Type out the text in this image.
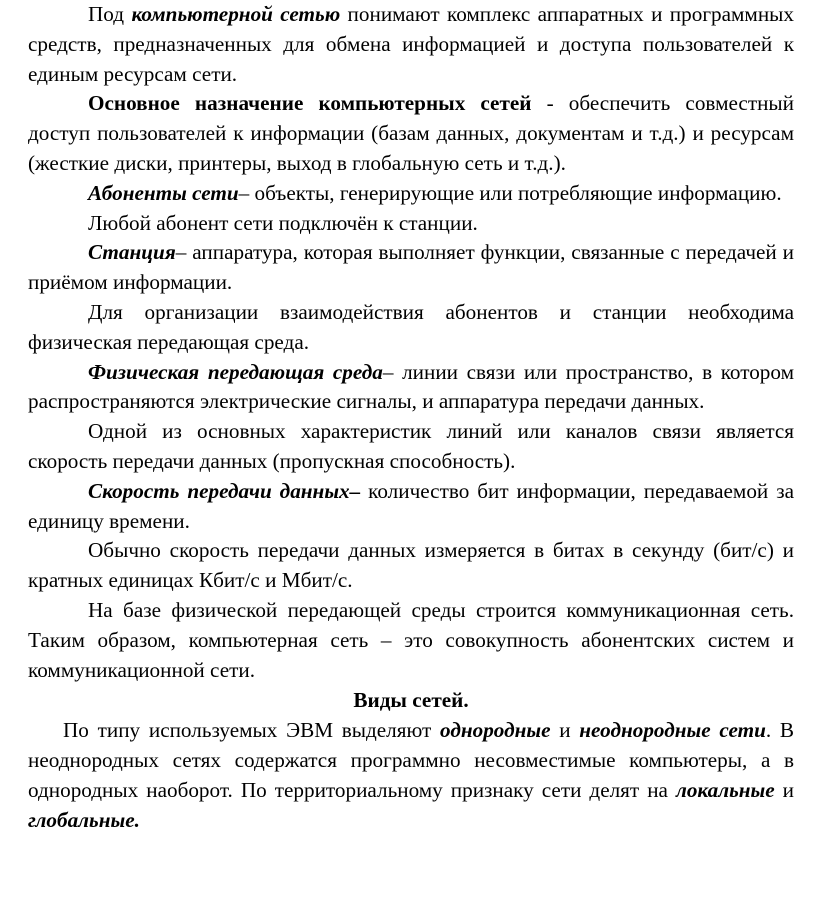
Под компьютерной сетью понимают комплекс аппаратных и программных средств, предназначенных для обмена информацией и доступа пользователей к единым ресурсам сети.

Основное назначение компьютерных сетей - обеспечить совместный доступ пользователей к информации (базам данных, документам и т.д.) и ресурсам (жесткие диски, принтеры, выход в глобальную сеть и т.д.).

Абоненты сети– объекты, генерирующие или потребляющие информацию.

Любой абонент сети подключён к станции.

Станция– аппаратура, которая выполняет функции, связанные с передачей и приёмом информации.

Для организации взаимодействия абонентов и станции необходима физическая передающая среда.

Физическая передающая среда– линии связи или пространство, в котором распространяются электрические сигналы, и аппаратура передачи данных.

Одной из основных характеристик линий или каналов связи является скорость передачи данных (пропускная способность).

Скорость передачи данных– количество бит информации, передаваемой за единицу времени.

Обычно скорость передачи данных измеряется в битах в секунду (бит/с) и кратных единицах Кбит/с и Мбит/с.

На базе физической передающей среды строится коммуникационная сеть. Таким образом, компьютерная сеть – это совокупность абонентских систем и коммуникационной сети.

Виды сетей.

По типу используемых ЭВМ выделяют однородные и неоднородные сети. В неоднородных сетях содержатся программно несовместимые компьютеры, а в однородных наоборот. По территориальному признаку сети делят на локальные и глобальные.
